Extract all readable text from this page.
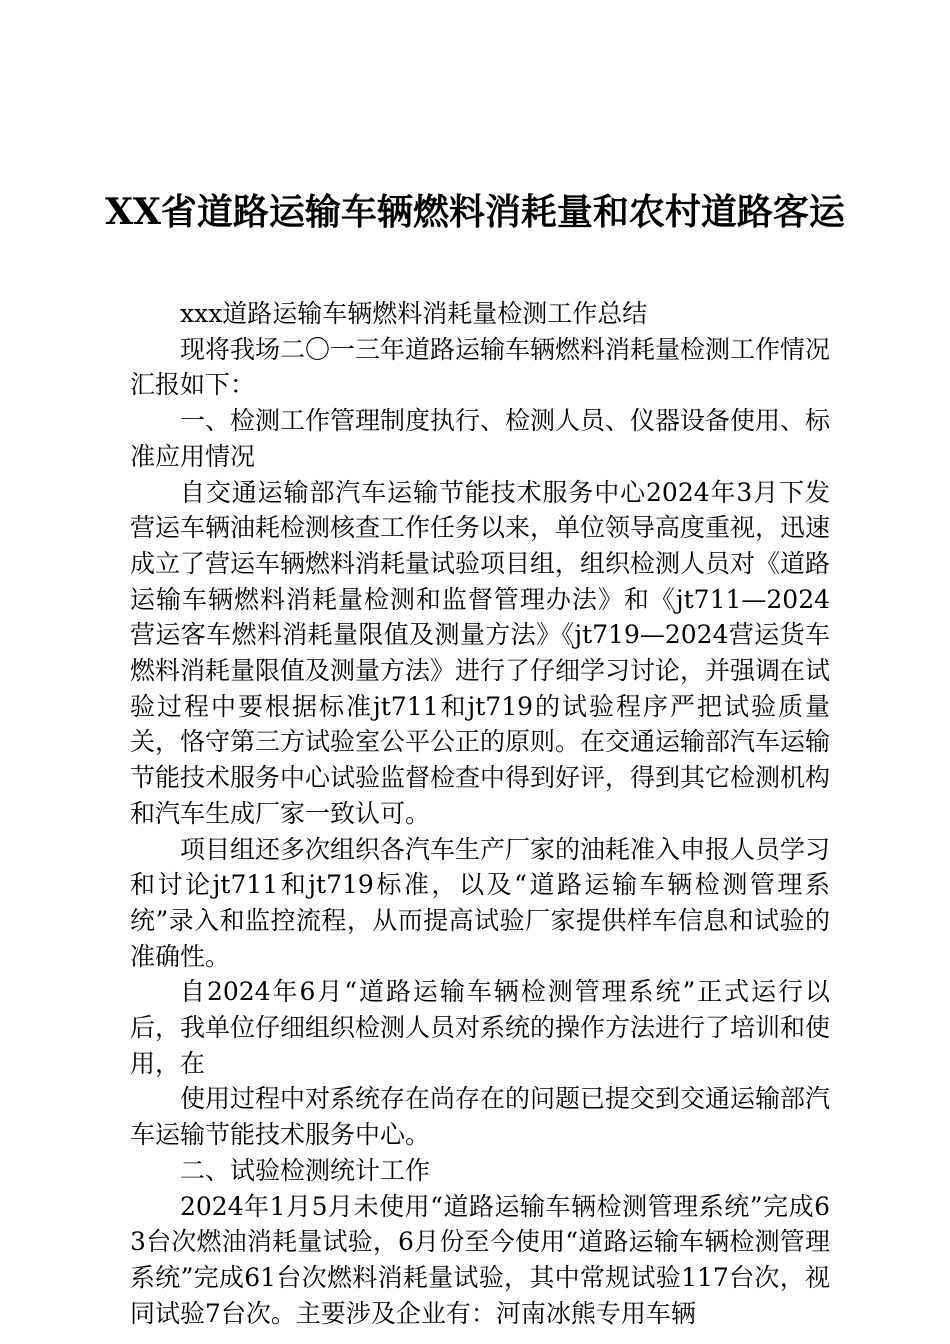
XX省道路运输车辆燃料消耗量和农村道路客运

xxx道路运输车辆燃料消耗量检测工作总结

现将我场二〇一三年道路运输车辆燃料消耗量检测工作情况汇报如下：

一、检测工作管理制度执行、检测人员、仪器设备使用、标准应用情况

自交通运输部汽车运输节能技术服务中心2024年3月下发营运车辆油耗检测核查工作任务以来，单位领导高度重视，迅速成立了营运车辆燃料消耗量试验项目组，组织检测人员对《道路运输车辆燃料消耗量检测和监督管理办法》和《jt711—2024营运客车燃料消耗量限值及测量方法》《jt719—2024营运货车燃料消耗量限值及测量方法》进行了仔细学习讨论，并强调在试验过程中要根据标准jt711和jt719的试验程序严把试验质量关，恪守第三方试验室公平公正的原则。在交通运输部汽车运输节能技术服务中心试验监督检查中得到好评，得到其它检测机构和汽车生成厂家一致认可。

项目组还多次组织各汽车生产厂家的油耗准入申报人员学习和讨论jt711和jt719标准，以及“道路运输车辆检测管理系统”录入和监控流程，从而提高试验厂家提供样车信息和试验的准确性。

自2024年6月“道路运输车辆检测管理系统”正式运行以后，我单位仔细组织检测人员对系统的操作方法进行了培训和使用，在

使用过程中对系统存在尚存在的问题已提交到交通运输部汽车运输节能技术服务中心。

二、试验检测统计工作

2024年1月5月未使用“道路运输车辆检测管理系统”完成63台次燃油消耗量试验，6月份至今使用“道路运输车辆检测管理系统”完成61台次燃料消耗量试验，其中常规试验117台次，视同试验7台次。主要涉及企业有：河南冰熊专用车辆
